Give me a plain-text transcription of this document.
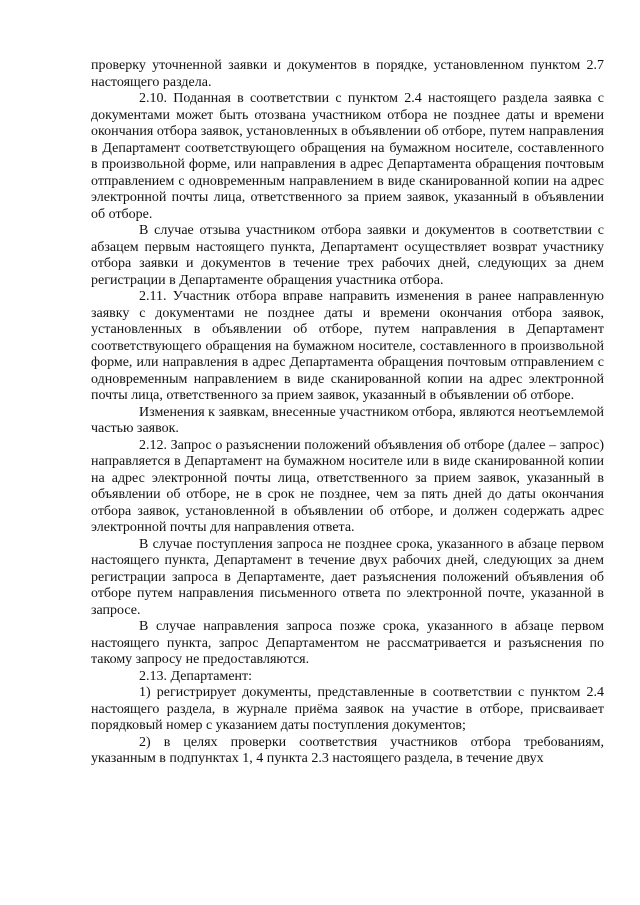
проверку уточненной заявки и документов в порядке, установленном пунктом 2.7 настоящего раздела.

2.10. Поданная в соответствии с пунктом 2.4 настоящего раздела заявка с документами может быть отозвана участником отбора не позднее даты и времени окончания отбора заявок, установленных в объявлении об отборе, путем направления в Департамент соответствующего обращения на бумажном носителе, составленного в произвольной форме, или направления в адрес Департамента обращения почтовым отправлением с одновременным направлением в виде сканированной копии на адрес электронной почты лица, ответственного за прием заявок, указанный в объявлении об отборе.

В случае отзыва участником отбора заявки и документов в соответствии с абзацем первым настоящего пункта, Департамент осуществляет возврат участнику отбора заявки и документов в течение трех рабочих дней, следующих за днем регистрации в Департаменте обращения участника отбора.

2.11. Участник отбора вправе направить изменения в ранее направленную заявку с документами не позднее даты и времени окончания отбора заявок, установленных в объявлении об отборе, путем направления в Департамент соответствующего обращения на бумажном носителе, составленного в произвольной форме, или направления в адрес Департамента обращения почтовым отправлением с одновременным направлением в виде сканированной копии на адрес электронной почты лица, ответственного за прием заявок, указанный в объявлении об отборе.

Изменения к заявкам, внесенные участником отбора, являются неотъемлемой частью заявок.

2.12. Запрос о разъяснении положений объявления об отборе (далее – запрос) направляется в Департамент на бумажном носителе или в виде сканированной копии на адрес электронной почты лица, ответственного за прием заявок, указанный в объявлении об отборе, не в срок не позднее, чем за пять дней до даты окончания отбора заявок, установленной в объявлении об отборе, и должен содержать адрес электронной почты для направления ответа.

В случае поступления запроса не позднее срока, указанного в абзаце первом настоящего пункта, Департамент в течение двух рабочих дней, следующих за днем регистрации запроса в Департаменте, дает разъяснения положений объявления об отборе путем направления письменного ответа по электронной почте, указанной в запросе.

В случае направления запроса позже срока, указанного в абзаце первом настоящего пункта, запрос Департаментом не рассматривается и разъяснения по такому запросу не предоставляются.

2.13. Департамент:

1) регистрирует документы, представленные в соответствии с пунктом 2.4 настоящего раздела, в журнале приёма заявок на участие в отборе, присваивает порядковый номер с указанием даты поступления документов;

2) в целях проверки соответствия участников отбора требованиям, указанным в подпунктах 1, 4 пункта 2.3 настоящего раздела, в течение двух
